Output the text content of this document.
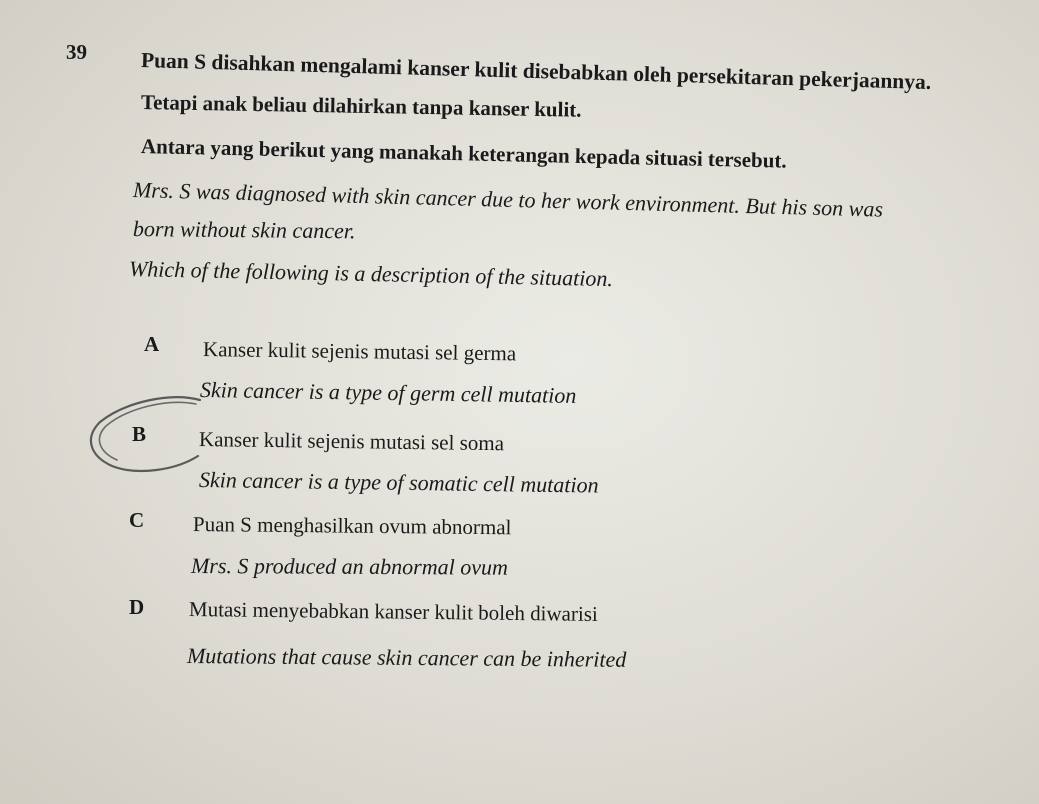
39 Puan S disahkan mengalami kanser kulit disebabkan oleh persekitaran pekerjaannya.
Tetapi anak beliau dilahirkan tanpa kanser kulit.
Antara yang berikut yang manakah keterangan kepada situasi tersebut.
Mrs. S was diagnosed with skin cancer due to her work environment. But his son was
born without skin cancer.
Which of the following is a description of the situation.
A Kanser kulit sejenis mutasi sel germa
Skin cancer is a type of germ cell mutation
B	Kanser kulit sejenis mutasi sel soma
Skin cancer is a type of somatic cell mutation
C Puan S menghasilkan ovum abnormal
Mrs. S produced an abnormal ovum
D Mutasi menyebabkan kanser kulit boleh diwarisi
Mutations that cause skin cancer can be inherited
